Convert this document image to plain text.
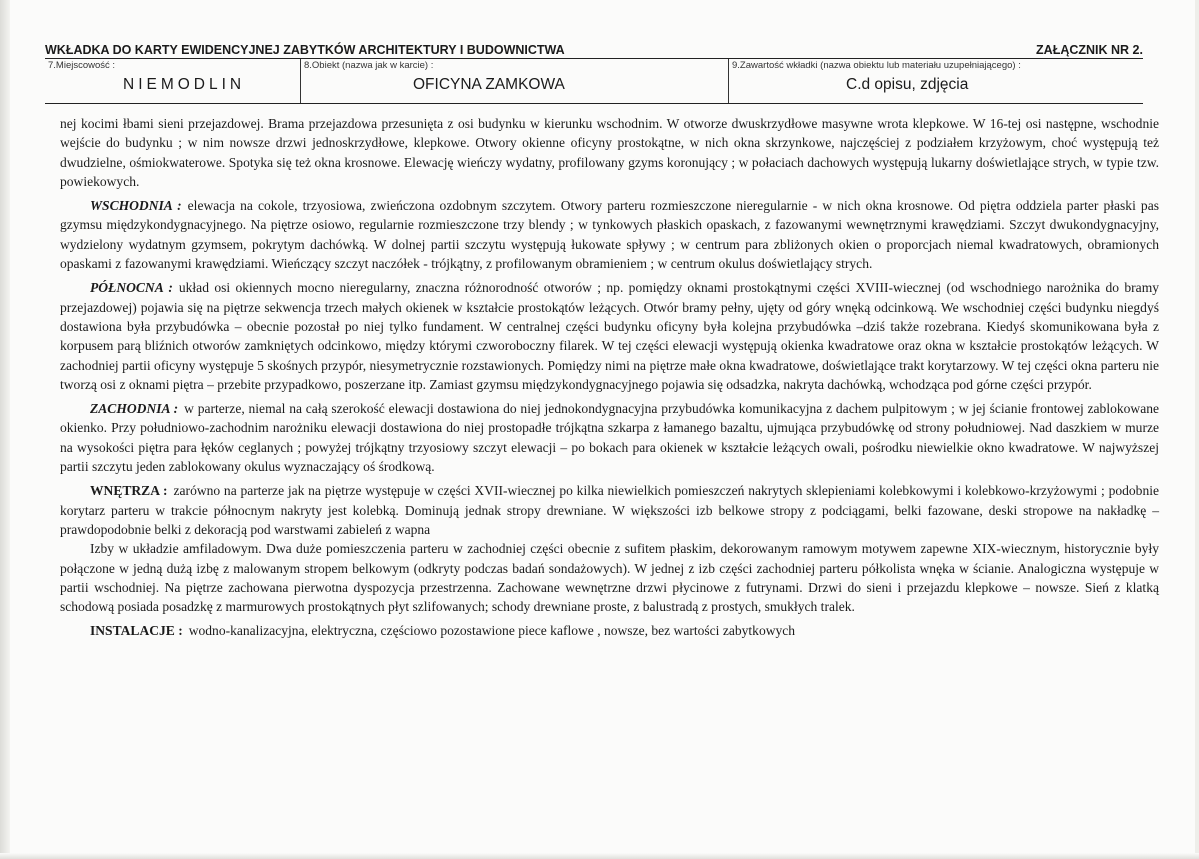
WKŁADKA DO KARTY EWIDENCYJNEJ ZABYTKÓW ARCHITEKTURY I BUDOWNICTWA	ZAŁĄCZNIK NR 2.
7.Miejscowość :
NIEMODLIN
8.Obiekt (nazwa jak w karcie) :
OFICYNA ZAMKOWA
9.Zawartość wkładki (nazwa obiektu lub materiału uzupełniającego) :
C.d opisu, zdjęcia

nej kocimi łbami sieni przejazdowej. Brama przejazdowa przesunięta z osi budynku w kierunku wschodnim. W otworze dwuskrzydłowe masywne wrota klepkowe. W 16-tej osi następne, wschodnie wejście do budynku ; w nim nowsze drzwi jednoskrzydłowe, klepkowe. Otwory okienne oficyny prostokątne, w nich okna skrzynkowe, najczęściej z podziałem krzyżowym, choć występują też dwudzielne, ośmiokwaterowe. Spotyka się też okna krosnowe. Elewację wieńczy wydatny, profilowany gzyms koronujący ; w połaciach dachowych występują lukarny doświetlające strych, w typie tzw. powiekowych.

WSCHODNIA : elewacja na cokole, trzyosiowa, zwieńczona ozdobnym szczytem. Otwory parteru rozmieszczone nieregularnie - w nich okna krosnowe. Od piętra oddziela parter płaski pas gzymsu międzykondygnacyjnego. Na piętrze osiowo, regularnie rozmieszczone trzy blendy ; w tynkowych płaskich opaskach, z fazowanymi wewnętrznymi krawędziami. Szczyt dwukondygnacyjny, wydzielony wydatnym gzymsem, pokrytym dachówką. W dolnej partii szczytu występują łukowate spływy ; w centrum para zbliżonych okien o proporcjach niemal kwadratowych, obramionych opaskami z fazowanymi krawędziami. Wieńczący szczyt naczółek - trójkątny, z profilowanym obramieniem ; w centrum okulus doświetlający strych.

PÓŁNOCNA : układ osi okiennych mocno nieregularny, znaczna różnorodność otworów ; np. pomiędzy oknami prostokątnymi części XVIII-wiecznej (od wschodniego narożnika do bramy przejazdowej) pojawia się na piętrze sekwencja trzech małych okienek w kształcie prostokątów leżących. Otwór bramy pełny, ujęty od góry wnęką odcinkową. We wschodniej części budynku niegdyś dostawiona była przybudówka – obecnie pozostał po niej tylko fundament. W centralnej części budynku oficyny była kolejna przybudówka –dziś także rozebrana. Kiedyś skomunikowana była z korpusem parą bliźnich otworów zamkniętych odcinkowo, między którymi czworoboczny filarek. W tej części elewacji występują okienka kwadratowe oraz okna w kształcie prostokątów leżących. W zachodniej partii oficyny występuje 5 skośnych przypór, niesymetrycznie rozstawionych. Pomiędzy nimi na piętrze małe okna kwadratowe, doświetlające trakt korytarzowy. W tej części okna parteru nie tworzą osi z oknami piętra – przebite przypadkowo, poszerzane itp. Zamiast gzymsu międzykondygnacyjnego pojawia się odsadzka, nakryta dachówką, wchodząca pod górne części przypór.

ZACHODNIA : w parterze, niemal na całą szerokość elewacji dostawiona do niej jednokondygnacyjna przybudówka komunikacyjna z dachem pulpitowym ; w jej ścianie frontowej zablokowane okienko. Przy południowo-zachodnim narożniku elewacji dostawiona do niej prostopadłe trójkątna szkarpa z łamanego bazaltu, ujmująca przybudówkę od strony południowej. Nad daszkiem w murze na wysokości piętra para łęków ceglanych ; powyżej trójkątny trzyosiowy szczyt elewacji – po bokach para okienek w kształcie leżących owali, pośrodku niewielkie okno kwadratowe. W najwyższej partii szczytu jeden zablokowany okulus wyznaczający oś środkową.

WNĘTRZA : zarówno na parterze jak na piętrze występuje w części XVII-wiecznej po kilka niewielkich pomieszczeń nakrytych sklepieniami kolebkowymi i kolebkowo-krzyżowymi ; podobnie korytarz parteru w trakcie północnym nakryty jest kolebką. Dominują jednak stropy drewniane. W większości izb belkowe stropy z podciągami, belki fazowane, deski stropowe na nakładkę – prawdopodobnie belki z dekoracją pod warstwami zabieleń z wapna

Izby w układzie amfiladowym. Dwa duże pomieszczenia parteru w zachodniej części obecnie z sufitem płaskim, dekorowanym ramowym motywem zapewne XIX-wiecznym, historycznie były połączone w jedną dużą izbę z malowanym stropem belkowym (odkryty podczas badań sondażowych). W jednej z izb części zachodniej parteru półkolista wnęka w ścianie. Analogiczna występuje w partii wschodniej. Na piętrze zachowana pierwotna dyspozycja przestrzenna. Zachowane wewnętrzne drzwi płycinowe z futrynami. Drzwi do sieni i przejazdu klepkowe – nowsze. Sień z klatką schodową posiada posadzkę z marmurowych prostokątnych płyt szlifowanych; schody drewniane proste, z balustradą z prostych, smukłych tralek.

INSTALACJE : wodno-kanalizacyjna, elektryczna, częściowo pozostawione piece kaflowe , nowsze, bez wartości zabytkowych
